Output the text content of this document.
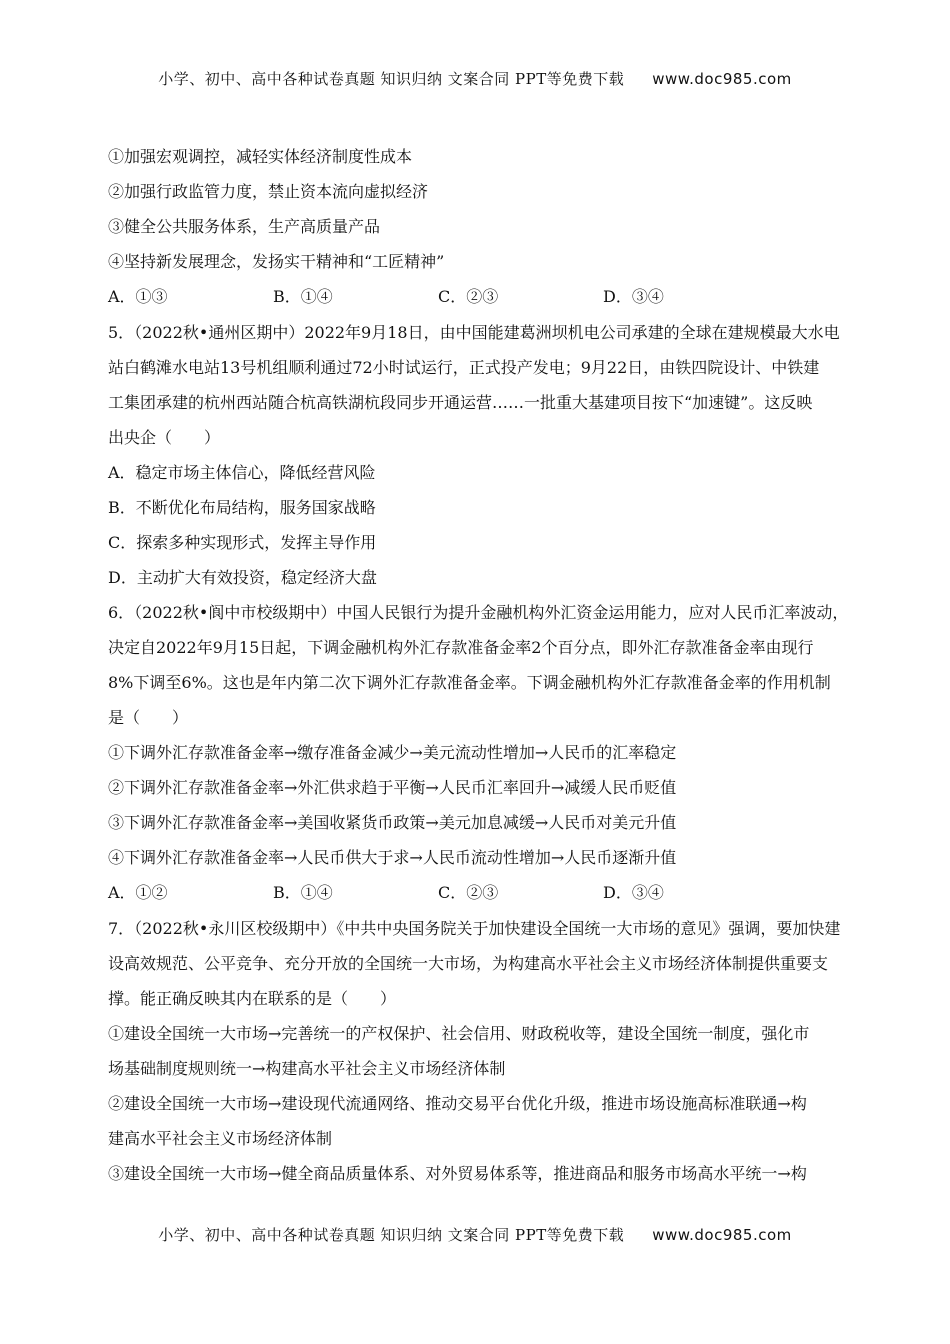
小学、初中、高中各种试卷真题 知识归纳 文案合同 PPT等免费下载 www.doc985.com
①加强宏观调控，减轻实体经济制度性成本
②加强行政监管力度，禁止资本流向虚拟经济
③健全公共服务体系，生产高质量产品
④坚持新发展理念，发扬实干精神和“工匠精神”
A．①③	B．①④	C．②③	D．③④
5．（2022秋•通州区期中）2022年9月18日，由中国能建葛洲坝机电公司承建的全球在建规模最大水电
站白鹤滩水电站13号机组顺利通过72小时试运行，正式投产发电；9月22日，由铁四院设计、中铁建
工集团承建的杭州西站随合杭高铁湖杭段同步开通运营……一批重大基建项目按下“加速键”。这反映
出央企（　　）
A．稳定市场主体信心，降低经营风险
B．不断优化布局结构，服务国家战略
C．探索多种实现形式，发挥主导作用
D．主动扩大有效投资，稳定经济大盘
6．（2022秋•阆中市校级期中）中国人民银行为提升金融机构外汇资金运用能力，应对人民币汇率波动，
决定自2022年9月15日起，下调金融机构外汇存款准备金率2个百分点，即外汇存款准备金率由现行
8%下调至6%。这也是年内第二次下调外汇存款准备金率。下调金融机构外汇存款准备金率的作用机制
是（　　）
①下调外汇存款准备金率→缴存准备金减少→美元流动性增加→人民币的汇率稳定
②下调外汇存款准备金率→外汇供求趋于平衡→人民币汇率回升→减缓人民币贬值
③下调外汇存款准备金率→美国收紧货币政策→美元加息减缓→人民币对美元升值
④下调外汇存款准备金率→人民币供大于求→人民币流动性增加→人民币逐渐升值
A．①②	B．①④	C．②③	D．③④
7．（2022秋•永川区校级期中）《中共中央国务院关于加快建设全国统一大市场的意见》强调，要加快建
设高效规范、公平竞争、充分开放的全国统一大市场，为构建高水平社会主义市场经济体制提供重要支
撑。能正确反映其内在联系的是（　　）
①建设全国统一大市场→完善统一的产权保护、社会信用、财政税收等，建设全国统一制度，强化市
场基础制度规则统一→构建高水平社会主义市场经济体制
②建设全国统一大市场→建设现代流通网络、推动交易平台优化升级，推进市场设施高标准联通→构
建高水平社会主义市场经济体制
③建设全国统一大市场→健全商品质量体系、对外贸易体系等，推进商品和服务市场高水平统一→构
小学、初中、高中各种试卷真题 知识归纳 文案合同 PPT等免费下载 www.doc985.com
